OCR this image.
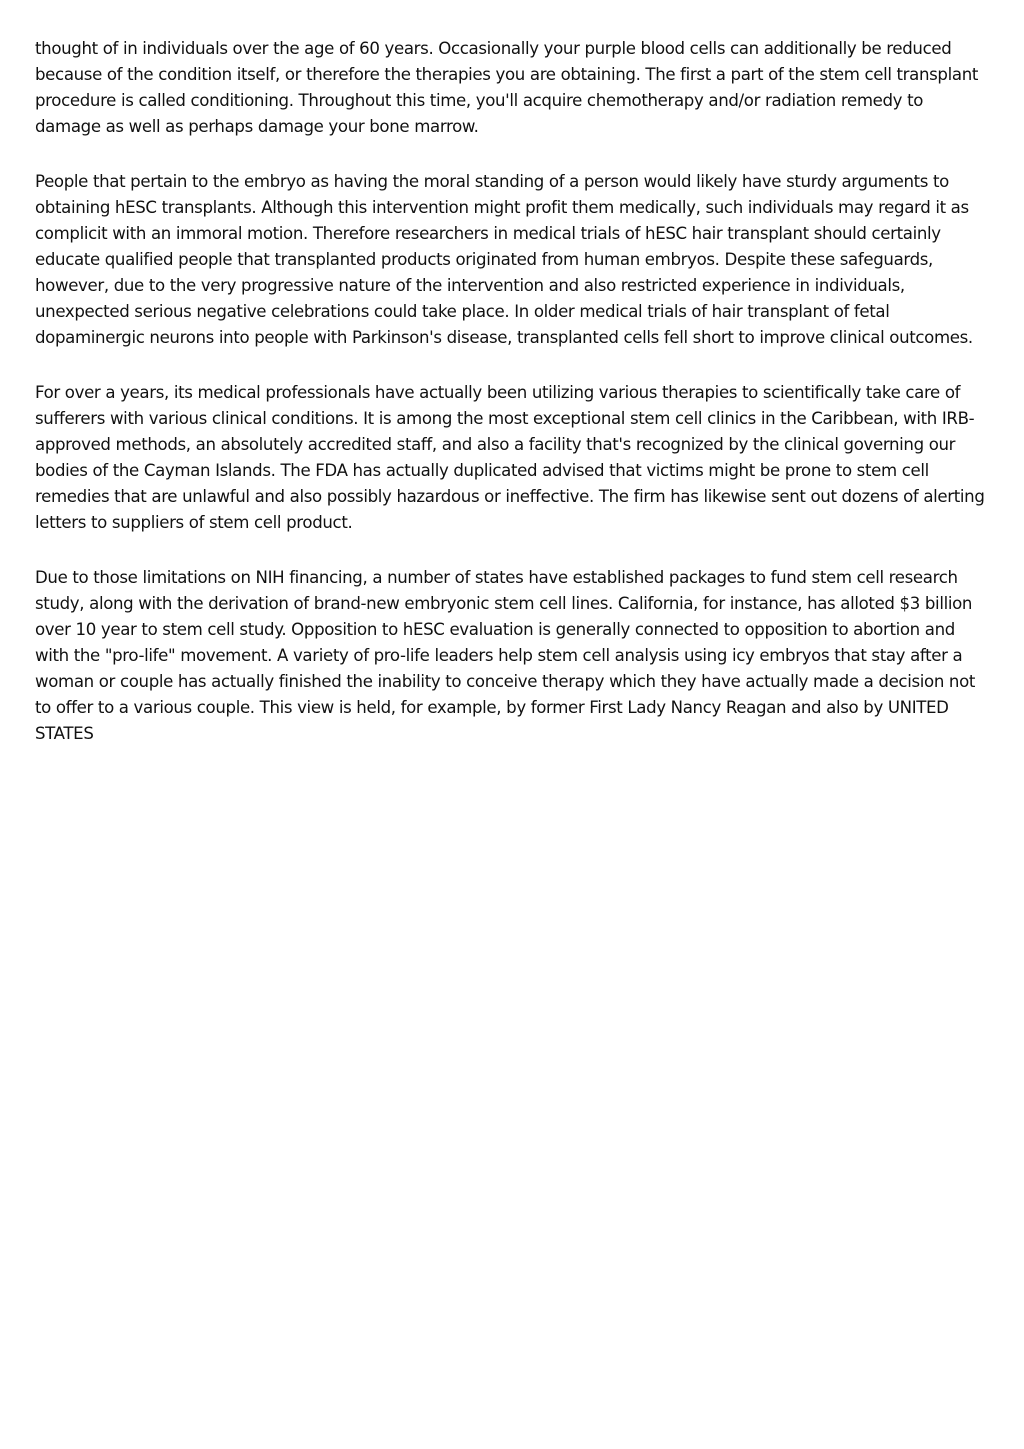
thought of in individuals over the age of 60 years. Occasionally your purple blood cells can additionally be reduced because of the condition itself, or therefore the therapies you are obtaining. The first a part of the stem cell transplant procedure is called conditioning. Throughout this time, you'll acquire chemotherapy and/or radiation remedy to damage as well as perhaps damage your bone marrow.

People that pertain to the embryo as having the moral standing of a person would likely have sturdy arguments to obtaining hESC transplants. Although this intervention might profit them medically, such individuals may regard it as complicit with an immoral motion. Therefore researchers in medical trials of hESC hair transplant should certainly educate qualified people that transplanted products originated from human embryos. Despite these safeguards, however, due to the very progressive nature of the intervention and also restricted experience in individuals, unexpected serious negative celebrations could take place. In older medical trials of hair transplant of fetal dopaminergic neurons into people with Parkinson's disease, transplanted cells fell short to improve clinical outcomes.

For over a years, its medical professionals have actually been utilizing various therapies to scientifically take care of sufferers with various clinical conditions. It is among the most exceptional stem cell clinics in the Caribbean, with IRB-approved methods, an absolutely accredited staff, and also a facility that's recognized by the clinical governing our bodies of the Cayman Islands. The FDA has actually duplicated advised that victims might be prone to stem cell remedies that are unlawful and also possibly hazardous or ineffective. The firm has likewise sent out dozens of alerting letters to suppliers of stem cell product.

Due to those limitations on NIH financing, a number of states have established packages to fund stem cell research study, along with the derivation of brand-new embryonic stem cell lines. California, for instance, has alloted $3 billion over 10 year to stem cell study. Opposition to hESC evaluation is generally connected to opposition to abortion and with the "pro-life" movement. A variety of pro-life leaders help stem cell analysis using icy embryos that stay after a woman or couple has actually finished the inability to conceive therapy which they have actually made a decision not to offer to a various couple. This view is held, for example, by former First Lady Nancy Reagan and also by UNITED STATES
